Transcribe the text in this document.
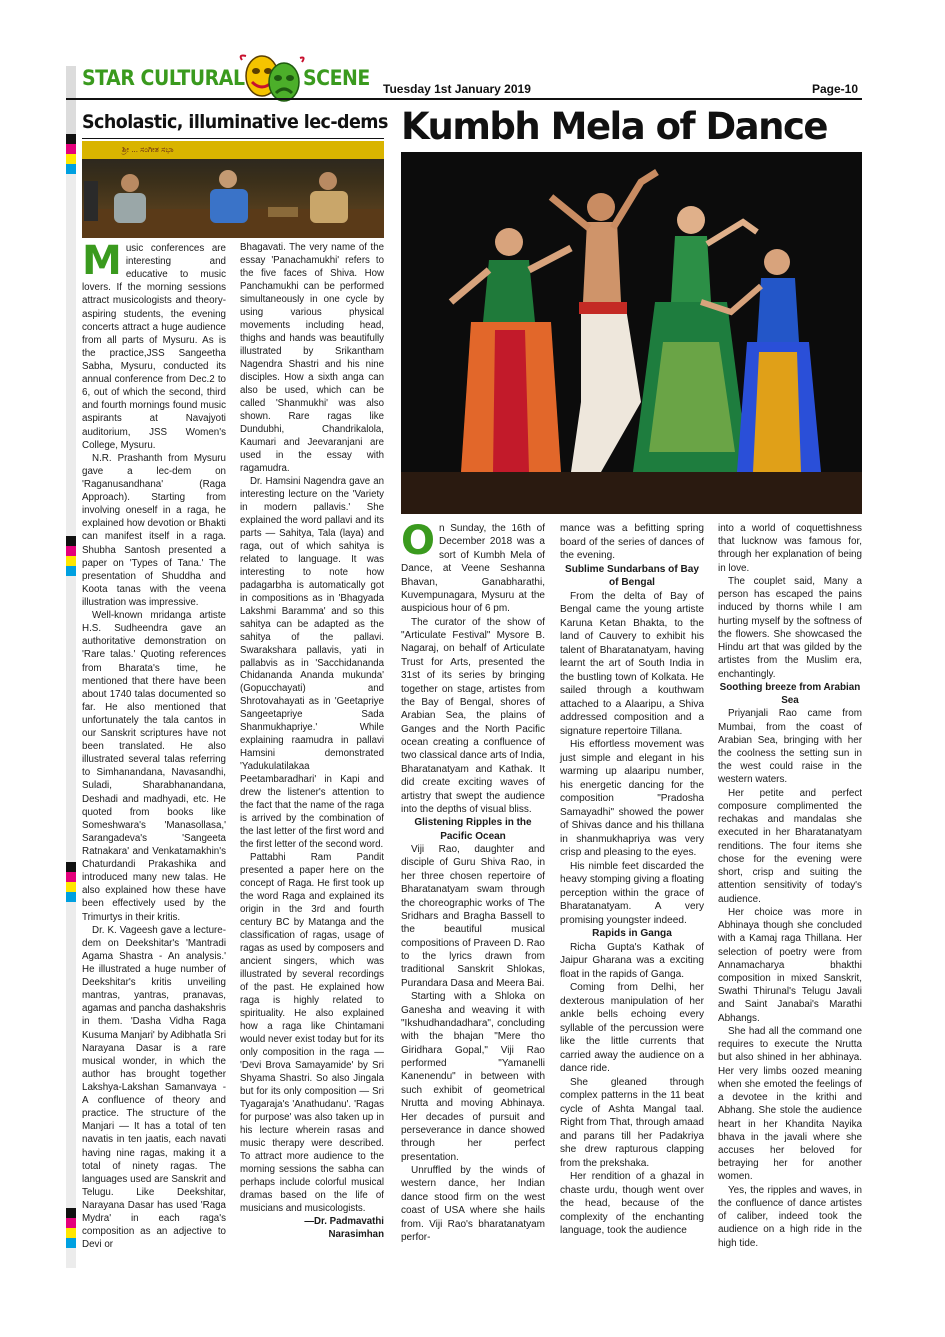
STAR CULTURAL	SCENE Tuesday 1st January 2019	Page-10
Scholastic, illuminative lec-dems Kumbh Mela of Dance
ಶ್ರೀ ... ಸಂಗೀತ ಸಭಾ
M usic conferences are interesting and educative to music lovers. If the morning sessions attract musicologists and theory-aspiring students, the evening concerts attract a huge audience from all parts of Mysuru. As is the practice,JSS Sangeetha Sabha, Mysuru, conducted its annual conference from Dec.2 to 6, out of which the second, third and fourth mornings found music aspirants at Navajyoti auditorium, JSS Women's College, Mysuru.

N.R. Prashanth from Mysuru gave a lec-dem on 'Raganusandhana' (Raga Approach). Starting from involving oneself in a raga, he explained how devotion or Bhakti can manifest itself in a raga. Shubha Santosh presented a paper on 'Types of Tana.' The presentation of Shuddha and Koota tanas with the veena illustration was impressive.

Well-known mridanga artiste H.S. Sudheendra gave an authoritative demonstration on 'Rare talas.' Quoting references from Bharata's time, he mentioned that there have been about 1740 talas documented so far. He also mentioned that unfortunately the tala cantos in our Sanskrit scriptures have not been translated. He also illustrated several talas referring to Simhanandana, Navasandhi, Suladi, Sharabhanandana, Deshadi and madhyadi, etc. He quoted from books like Someshwara's 'Manasollasa,' Sarangadeva's 'Sangeeta Ratnakara' and Venkatamakhin's Chaturdandi Prakashika and introduced many new talas. He also explained how these have been effectively used by the Trimurtys in their kritis.

Dr. K. Vageesh gave a lecture-dem on Deekshitar's 'Mantradi Agama Shastra - An analysis.' He illustrated a huge number of Deekshitar's kritis unveiling mantras, yantras, pranavas, agamas and pancha dashakshris in them. 'Dasha Vidha Raga Kusuma Manjari' by Adibhatla Sri Narayana Dasar is a rare musical wonder, in which the author has brought together Lakshya-Lakshan Samanvaya - A confluence of theory and practice. The structure of the Manjari — It has a total of ten navatis in ten jaatis, each navati having nine ragas, making it a total of ninety ragas. The languages used are Sanskrit and Telugu. Like Deekshitar, Narayana Dasar has used 'Raga Mydra' in each raga's composition as an adjective to Devi or

Bhagavati. The very name of the essay 'Panachamukhi' refers to the five faces of Shiva. How Panchamukhi can be performed simultaneously in one cycle by using various physical movements including head, thighs and hands was beautifully illustrated by Srikantham Nagendra Shastri and his nine disciples. How a sixth anga can also be used, which can be called 'Shanmukhi' was also shown. Rare ragas like Dundubhi, Chandrikalola, Kaumari and Jeevaranjani are used in the essay with ragamudra.

Dr. Hamsini Nagendra gave an interesting lecture on the 'Variety in modern pallavis.' She explained the word pallavi and its parts — Sahitya, Tala (laya) and raga, out of which sahitya is related to language. It was interesting to note how padagarbha is automatically got in compositions as in 'Bhagyada Lakshmi Baramma' and so this sahitya can be adapted as the sahitya of the pallavi. Swarakshara pallavis, yati in pallabvis as in 'Sacchidananda Chidananda Ananda mukunda' (Gopucchayati) and Shrotovahayati as in 'Geetapriye Sangeetapriye Sada Shanmukhapriye.' While explaining raamudra in pallavi Hamsini demonstrated 'Yadukulatilakaa Peetambaradhari' in Kapi and drew the listener's attention to the fact that the name of the raga is arrived by the combination of the last letter of the first word and the first letter of the second word.

Pattabhi Ram Pandit presented a paper here on the concept of Raga. He first took up the word Raga and explained its origin in the 3rd and fourth century BC by Matanga and the classification of ragas, usage of ragas as used by composers and ancient singers, which was illustrated by several recordings of the past. He explained how raga is highly related to spirituality. He also explained how a raga like Chintamani would never exist today but for its only composition in the raga — 'Devi Brova Samayamide' by Sri Shyama Shastri. So also Jingala but for its only composition — Sri Tyagaraja's 'Anathudanu'. 'Ragas for purpose' was also taken up in his lecture wherein rasas and music therapy were described. To attract more audience to the morning sessions the sabha can perhaps include colorful musical dramas based on the life of musicians and musicologists.

—Dr. Padmavathi

Narasimhan

O n Sunday, the 16th of December 2018 was a sort of Kumbh Mela of Dance, at Veene Seshanna Bhavan, Ganabharathi, Kuvempunagara, Mysuru at the auspicious hour of 6 pm.

The curator of the show of "Articulate Festival" Mysore B. Nagaraj, on behalf of Articulate Trust for Arts, presented the 31st of its series by bringing together on stage, artistes from the Bay of Bengal, shores of Arabian Sea, the plains of Ganges and the North Pacific ocean creating a confluence of two classical dance arts of India, Bharatanatyam and Kathak. It did create exciting waves of artistry that swept the audience into the depths of visual bliss.

Glistening Ripples in the Pacific Ocean

Viji Rao, daughter and disciple of Guru Shiva Rao, in her three chosen repertoire of Bharatanatyam swam through the choreographic works of The Sridhars and Bragha Bassell to the beautiful musical compositions of Praveen D. Rao to the lyrics drawn from traditional Sanskrit Shlokas, Purandara Dasa and Meera Bai.

Starting with a Shloka on Ganesha and weaving it with "Ikshudhandadhara", concluding with the bhajan "Mere tho Giridhara Gopal," Viji Rao performed "Yamanelli Kanenendu" in between with such exhibit of geometrical Nrutta and moving Abhinaya. Her decades of pursuit and perseverance in dance showed through her perfect presentation.

Unruffled by the winds of western dance, her Indian dance stood firm on the west coast of USA where she hails from. Viji Rao's bharatanatyam perfor-

mance was a befitting spring board of the series of dances of the evening.

Sublime Sundarbans of Bay of Bengal

From the delta of Bay of Bengal came the young artiste Karuna Ketan Bhakta, to the land of Cauvery to exhibit his talent of Bharatanatyam, having learnt the art of South India in the bustling town of Kolkata. He sailed through a kouthwam attached to a Alaaripu, a Shiva addressed composition and a signature repertoire Tillana.

His effortless movement was just simple and elegant in his warming up alaaripu number, his energetic dancing for the composition "Pradosha Samayadhi" showed the power of Shivas dance and his thillana in shanmukhapriya was very crisp and pleasing to the eyes.

His nimble feet discarded the heavy stomping giving a floating perception within the grace of Bharatanatyam. A very promising youngster indeed.

Rapids in Ganga

Richa Gupta's Kathak of Jaipur Gharana was a exciting float in the rapids of Ganga.

Coming from Delhi, her dexterous manipulation of her ankle bells echoing every syllable of the percussion were like the little currents that carried away the audience on a dance ride.

She gleaned through complex patterns in the 11 beat cycle of Ashta Mangal taal. Right from That, through amaad and parans till her Padakriya she drew rapturous clapping from the prekshaka.

Her rendition of a ghazal in chaste urdu, though went over the head, because of the complexity of the enchanting language, took the audience

into a world of coquettishness that lucknow was famous for, through her explanation of being in love.

The couplet said, Many a person has escaped the pains induced by thorns while I am hurting myself by the softness of the flowers. She showcased the Hindu art that was gilded by the artistes from the Muslim era, enchantingly.

Soothing breeze from Arabian Sea

Priyanjali Rao came from Mumbai, from the coast of Arabian Sea, bringing with her the coolness the setting sun in the west could raise in the western waters.

Her petite and perfect composure complimented the rechakas and mandalas she executed in her Bharatanatyam renditions. The four items she chose for the evening were short, crisp and suiting the attention sensitivity of today's audience.

Her choice was more in Abhinaya though she concluded with a Kamaj raga Thillana. Her selection of poetry were from Annamacharya bhakthi composition in mixed Sanskrit, Swathi Thirunal's Telugu Javali and Saint Janabai's Marathi Abhangs.

She had all the command one requires to execute the Nrutta but also shined in her abhinaya. Her very limbs oozed meaning when she emoted the feelings of a devotee in the krithi and Abhang. She stole the audience heart in her Khandita Nayika bhava in the javali where she accuses her beloved for betraying her for another women.

Yes, the ripples and waves, in the confluence of dance artistes of caliber, indeed took the audience on a high ride in the high tide.
